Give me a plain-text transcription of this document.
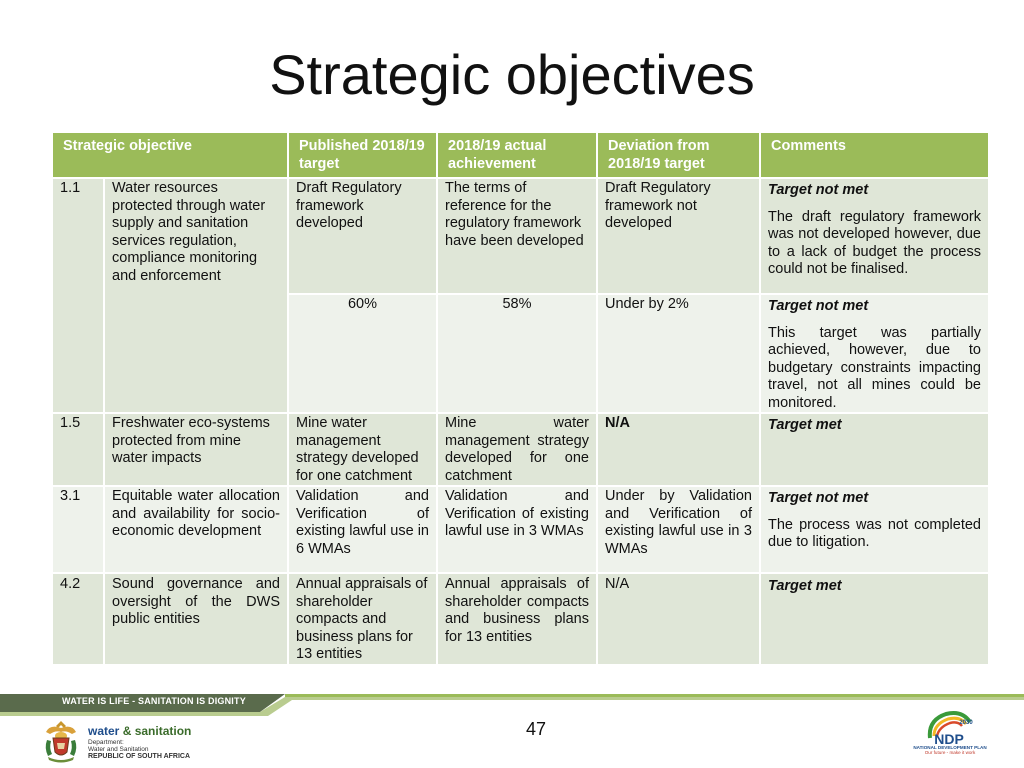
Strategic objectives
Strategic objective		Published 2018/19 target	2018/19 actual achievement	Deviation from 2018/19 target	Comments
1.1	Water resources protected through water supply and sanitation services regulation, compliance monitoring and enforcement	Draft Regulatory framework developed	The terms of reference for the regulatory framework have been developed	Draft Regulatory framework not developed	Target not met
The draft regulatory framework was not developed however, due to a lack of budget the process could not be finalised.
		60%	58%	Under by 2%	Target not met
This target was partially achieved, however, due to budgetary constraints impacting travel, not all mines could be monitored.
1.5	Freshwater eco-systems protected from mine water impacts	Mine water management strategy developed for one catchment	Mine water management strategy developed for one catchment	N/A	Target met

3.1	Equitable water allocation and availability for socio-economic development	Validation and Verification of existing lawful use in 6 WMAs	Validation and Verification of existing lawful use in 3 WMAs	Under by Validation and Verification of existing lawful use in 3 WMAs	Target not met
The process was not completed due to litigation.
4.2	Sound governance and oversight of the DWS public entities	Annual appraisals of shareholder compacts and business plans for 13 entities	Annual appraisals of shareholder compacts and business plans for 13 entities	N/A	Target met
WATER IS LIFE - SANITATION IS DIGNITY
water & sanitation
Department:
Water and Sanitation
REPUBLIC OF SOUTH AFRICA
47	NDP
2030
NATIONAL DEVELOPMENT PLAN
Our future - make it work
